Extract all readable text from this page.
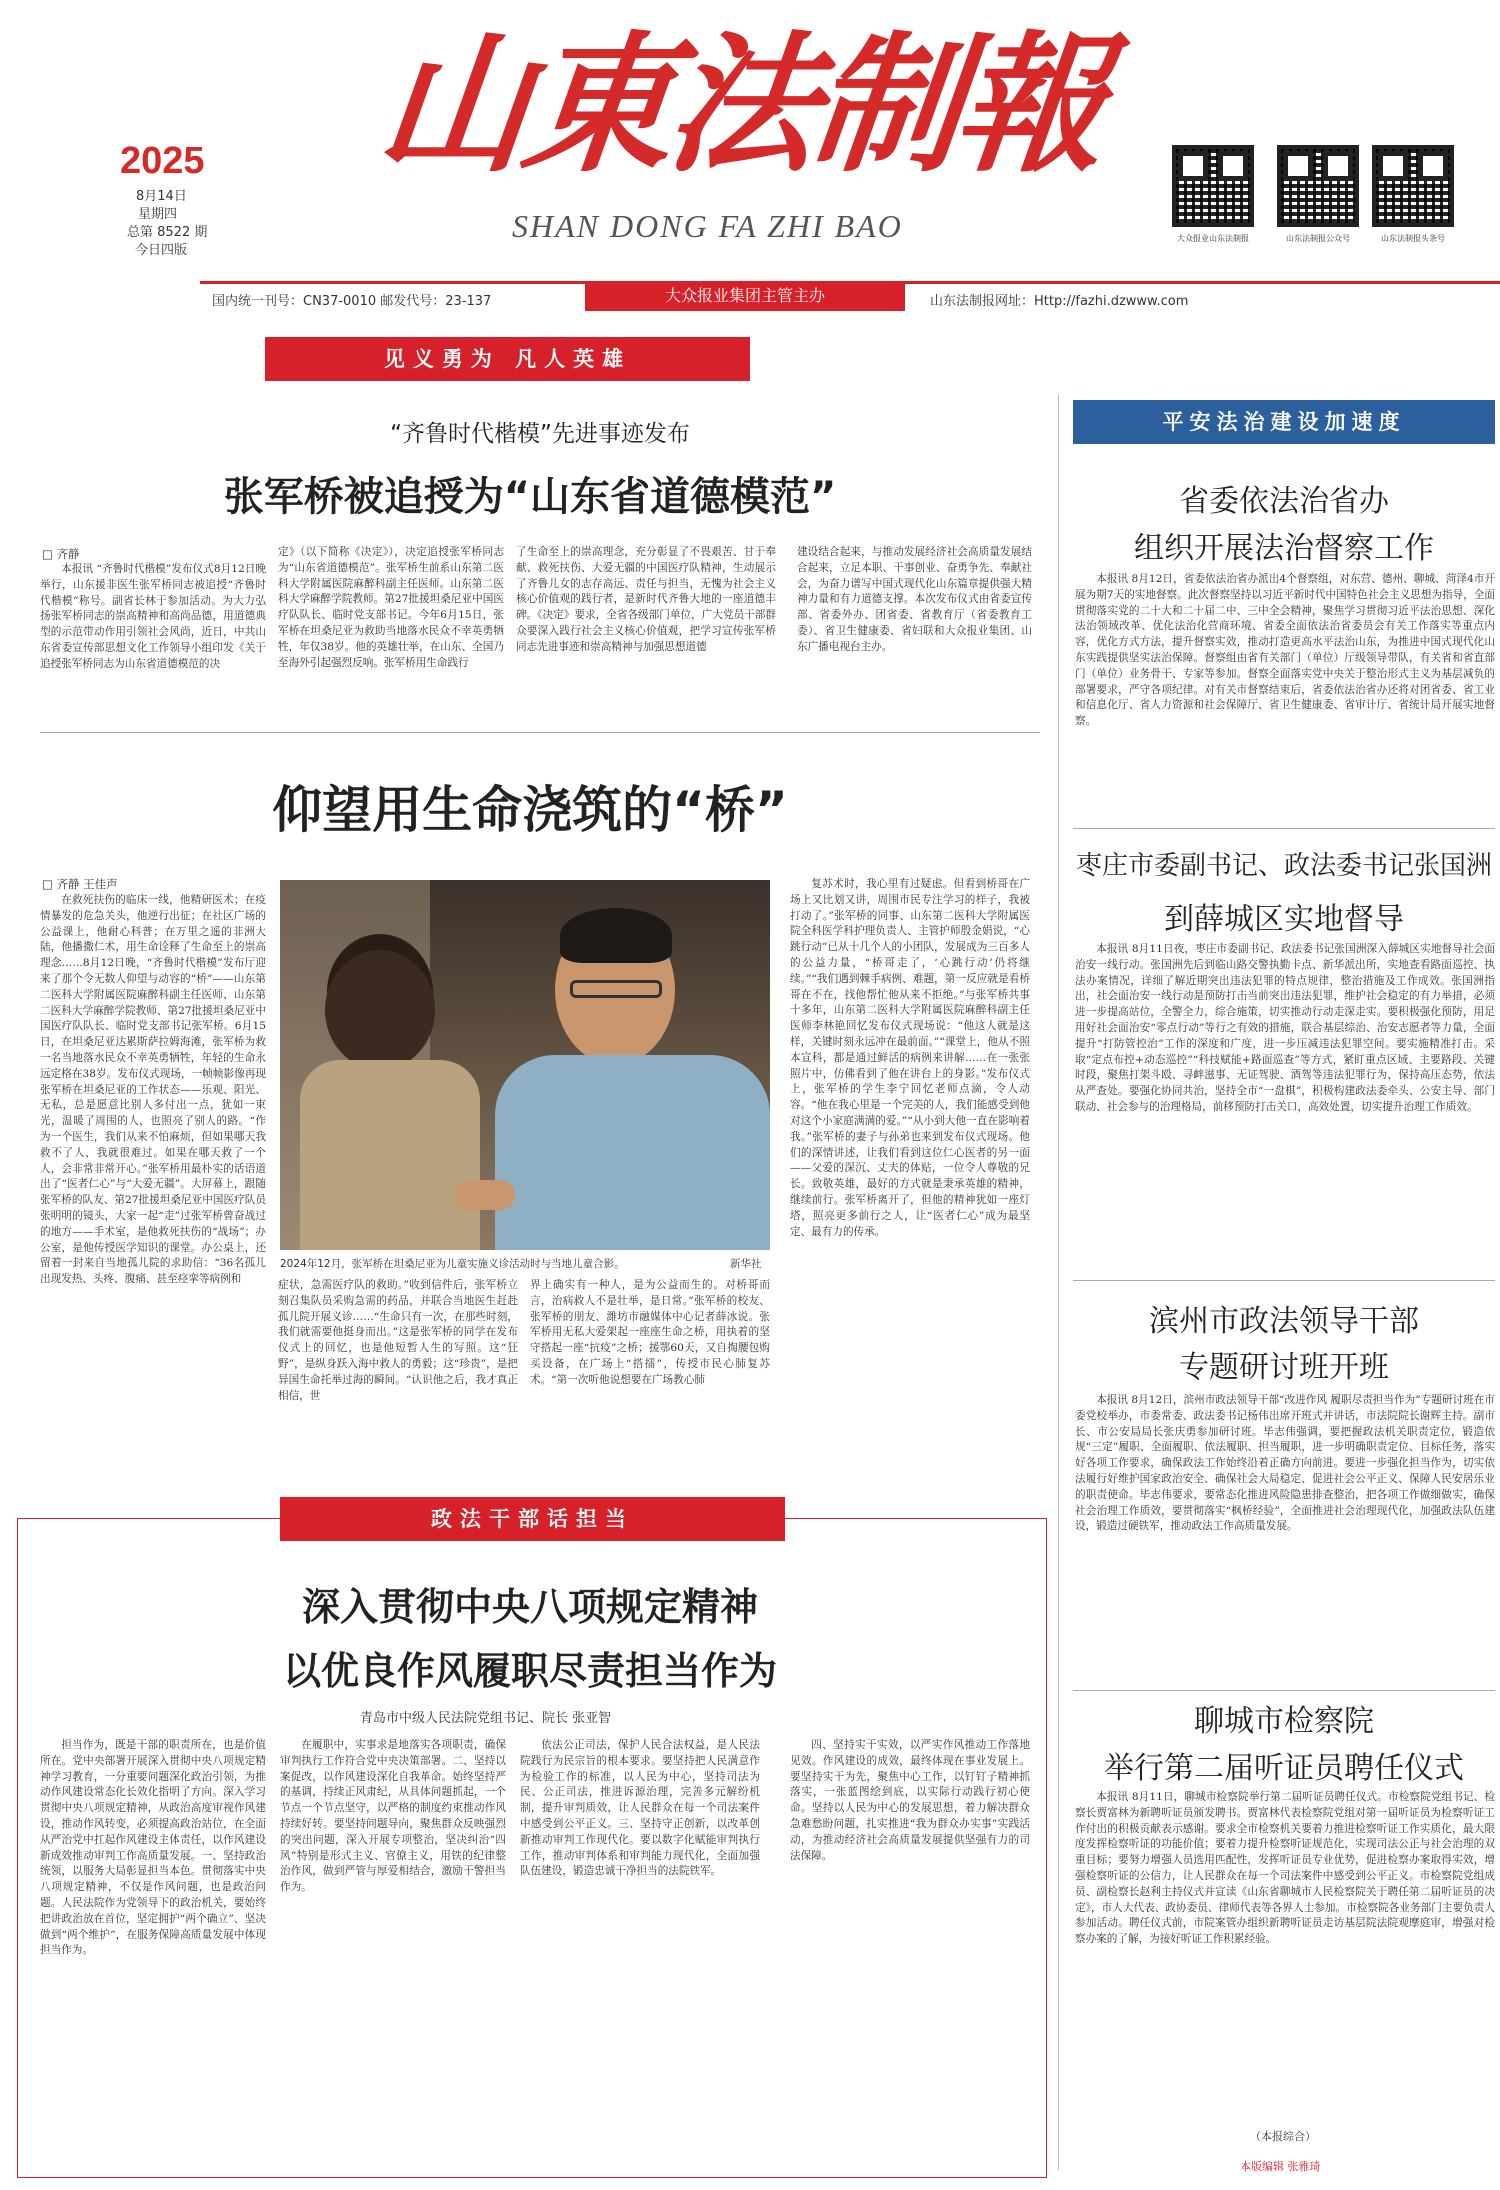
2025
8月14日
星期四
总第 8522 期
今日四版
山東法制報
SHAN DONG FA ZHI BAO	大众报业山东法制报	山东法制报公众号	山东法制报头条号
国内统一刊号：CN37-0010 邮发代号：23-137	大众报业集团主管主办	山东法制报网址：Http://fazhi.dzwww.com
见义勇为 凡人英雄
“齐鲁时代楷模”先进事迹发布
张军桥被追授为“山东省道德模范”
□ 齐静
本报讯 “齐鲁时代楷模”发布仪式8月12日晚举行，山东援非医生张军桥同志被追授“齐鲁时代楷模”称号。副省长林于参加活动。为大力弘扬张军桥同志的崇高精神和高尚品德，用道德典型的示范带动作用引领社会风尚，近日，中共山东省委宣传部思想文化工作领导小组印发《关于追授张军桥同志为山东省道德模范的决
定》（以下简称《决定》），决定追授张军桥同志为“山东省道德模范”。张军桥生前系山东第二医科大学附属医院麻醉科副主任医师。山东第二医科大学麻醉学院教师。第27批援坦桑尼亚中国医疗队队长、临时党支部书记。今年6月15日，张军桥在坦桑尼亚为救助当地落水民众不幸英勇牺牲，年仅38岁。他的英雄壮举，在山东、全国乃至海外引起强烈反响。张军桥用生命践行
了生命至上的崇高理念，充分彰显了不畏艰苦、甘于奉献、救死扶伤、大爱无疆的中国医疗队精神，生动展示了齐鲁儿女的志存高远、责任与担当，无愧为社会主义核心价值观的践行者，是新时代齐鲁大地的一座道德丰碑。《决定》要求，全省各级部门单位，广大党员干部群众要深入践行社会主义核心价值观，把学习宣传张军桥同志先进事迹和崇高精神与加强思想道德
建设结合起来，与推动发展经济社会高质量发展结合起来，立足本职、干事创业、奋勇争先、奉献社会，为奋力谱写中国式现代化山东篇章提供强大精神力量和有力道德支撑。本次发布仪式由省委宣传部、省委外办、团省委、省教育厅（省委教育工委）、省卫生健康委、省妇联和大众报业集团、山东广播电视台主办。
仰望用生命浇筑的“桥”
□ 齐静 王佳声
在救死扶伤的临床一线，他精研医术；在疫情暴发的危急关头，他逆行出征；在社区广场的公益课上，他耐心科普；在万里之遥的非洲大陆，他播撒仁术，用生命诠释了生命至上的崇高理念……8月12日晚，“齐鲁时代楷模”发布厅迎来了那个令无数人仰望与动容的“桥”——山东第二医科大学附属医院麻醉科副主任医师、山东第二医科大学麻醉学院教师、第27批援坦桑尼亚中国医疗队队长、临时党支部书记张军桥。6月15日，在坦桑尼亚达累斯萨拉姆海滩，张军桥为救一名当地落水民众不幸英勇牺牲，年轻的生命永远定格在38岁。发布仪式现场，一帧帧影像再现张军桥在坦桑尼亚的工作状态——乐观、阳光、无私，总是愿意比别人多付出一点，犹如一束光，温暖了周围的人，也照亮了别人的路。“作为一个医生，我们从来不怕麻烦，但如果哪天我救不了人，我就很难过。如果在哪天救了一个人，会非常非常开心。”张军桥用最朴实的话语道出了“医者仁心”与“大爱无疆”。大屏幕上，跟随张军桥的队友、第27批援坦桑尼亚中国医疗队员张明明的镜头，大家一起“走”过张军桥曾奋战过的地方——手术室，是他救死扶伤的“战场”；办公室，是他传授医学知识的课堂。办公桌上，还留着一封来自当地孤儿院的求助信：“36名孤儿出现发热、头疼、腹痛、甚至痉挛等病例和
2024年12月，张军桥在坦桑尼亚为儿童实施义诊活动时与当地儿童合影。	新华社
症状，急需医疗队的救助。”收到信件后，张军桥立刻召集队员采购急需的药品，并联合当地医生赶赴孤儿院开展义诊……“生命只有一次，在那些时刻，我们就需要他挺身而出。”这是张军桥的同学在发布仪式上的回忆，也是他短暂人生的写照。这“狂野”，是纵身跃入海中救人的勇毅；这“珍贵”，是把异国生命托举过海的瞬间。“认识他之后，我才真正相信，世
界上确实有一种人，是为公益而生的。对桥哥而言，治病救人不是壮举，是日常。”张军桥的校友、张军桥的朋友、潍坊市融媒体中心记者薛冰说。张军桥用无私大爱架起一座座生命之桥，用执着的坚守搭起一座“抗疫”之桥；援鄂60天，又自掏腰包购买设备，在广场上“搭擂”，传授市民心肺复苏术。“第一次听他说想要在广场教心肺
复苏术时，我心里有过疑虑。但看到桥哥在广场上又比划又讲，周围市民专注学习的样子，我被打动了。”张军桥的同事、山东第二医科大学附属医院全科医学科护理负责人、主管护师殷金娟说，“心跳行动”已从十几个人的小团队，发展成为三百多人的公益力量，“桥哥走了，‘心跳行动’仍将继续。”“我们遇到棘手病例、难题，第一反应就是看桥哥在不在，找他帮忙他从来不拒绝。”与张军桥共事十多年，山东第二医科大学附属医院麻醉科副主任医师李林艳回忆发布仪式现场说：“他这人就是这样，关键时刻永远冲在最前面。”“课堂上，他从不照本宣科，都是通过鲜活的病例来讲解……在一张张照片中，仿佛看到了他在讲台上的身影。”发布仪式上，张军桥的学生李宁回忆老师点滴，令人动容。“他在我心里是一个完美的人，我们能感受到他对这个小家庭满满的爱。”“从小到大他一直在影响着我。”张军桥的妻子与孙弟也来到发布仪式现场。他们的深情讲述，让我们看到这位仁心医者的另一面——父爱的深沉、丈夫的体贴，一位令人尊敬的兄长。致敬英雄，最好的方式就是秉承英雄的精神，继续前行。张军桥离开了，但他的精神犹如一座灯塔，照亮更多前行之人，让“医者仁心”成为最坚定、最有力的传承。
政法干部话担当
深入贯彻中央八项规定精神
以优良作风履职尽责担当作为
青岛市中级人民法院党组书记、院长 张亚智
担当作为，既是干部的职责所在，也是价值所在。党中央部署开展深入贯彻中央八项规定精神学习教育，一分重要问题深化政治引领，为推动作风建设常态化长效化指明了方向。深入学习贯彻中央八项规定精神，从政治高度审视作风建设，推动作风转变，必须提高政治站位，在全面从严治党中扛起作风建设主体责任，以作风建设新成效推动审判工作高质量发展。一、坚持政治统领，以服务大局彰显担当本色。贯彻落实中央八项规定精神，不仅是作风问题，也是政治问题。人民法院作为党领导下的政治机关，要始终把讲政治放在首位，坚定拥护“两个确立”、坚决做到“两个维护”，在服务保障高质量发展中体现担当作为。
在履职中，实事求是地落实各项职责，确保审判执行工作符合党中央决策部署。二、坚持以案促改，以作风建设深化自我革命。始终坚持严的基调，持续正风肃纪，从具体问题抓起，一个节点一个节点坚守，以严格的制度约束推动作风持续好转。要坚持问题导向，聚焦群众反映强烈的突出问题，深入开展专项整治，坚决纠治“四风”特别是形式主义、官僚主义，用铁的纪律整治作风，做到严管与厚爱相结合，激励干警担当作为。
依法公正司法，保护人民合法权益，是人民法院践行为民宗旨的根本要求。要坚持把人民满意作为检验工作的标准，以人民为中心，坚持司法为民、公正司法，推进诉源治理，完善多元解纷机制，提升审判质效，让人民群众在每一个司法案件中感受到公平正义。三、坚持守正创新，以改革创新推动审判工作现代化。要以数字化赋能审判执行工作，推动审判体系和审判能力现代化，全面加强队伍建设，锻造忠诚干净担当的法院铁军。
四、坚持实干实效，以严实作风推动工作落地见效。作风建设的成效，最终体现在事业发展上。要坚持实干为先，聚焦中心工作，以钉钉子精神抓落实，一张蓝图绘到底，以实际行动践行初心使命。坚持以人民为中心的发展思想，着力解决群众急难愁盼问题，扎实推进“我为群众办实事”实践活动，为推动经济社会高质量发展提供坚强有力的司法保障。
平安法治建设加速度
省委依法治省办
组织开展法治督察工作
本报讯 8月12日，省委依法治省办派出4个督察组，对东营、德州、聊城、菏泽4市开展为期7天的实地督察。此次督察坚持以习近平新时代中国特色社会主义思想为指导，全面贯彻落实党的二十大和二十届二中、三中全会精神，聚焦学习贯彻习近平法治思想、深化法治领域改革、优化法治化营商环境、省委全面依法治省委员会有关工作落实等重点内容，优化方式方法，提升督察实效，推动打造更高水平法治山东，为推进中国式现代化山东实践提供坚实法治保障。督察组由省有关部门（单位）厅级领导带队，有关省和省直部门（单位）业务骨干、专家等参加。督察全面落实党中央关于整治形式主义为基层减负的部署要求，严守各项纪律。对有关市督察结束后，省委依法治省办还将对团省委、省工业和信息化厅、省人力资源和社会保障厅、省卫生健康委、省审计厅、省统计局开展实地督察。
枣庄市委副书记、政法委书记张国洲
到薛城区实地督导
本报讯 8月11日夜，枣庄市委副书记、政法委书记张国洲深入薛城区实地督导社会面治安一线行动。张国洲先后到临山路交警执勤卡点、新华派出所，实地查看路面巡控、执法办案情况，详细了解近期突出违法犯罪的特点规律，整治措施及工作成效。张国洲指出，社会面治安一线行动是预防打击当前突出违法犯罪，维护社会稳定的有力举措，必须进一步提高站位，全警全力，综合施策，切实推动行动走深走实。要积极强化预防，用足用好社会面治安“零点行动”等行之有效的措施，联合基层综治、治安志愿者等力量，全面提升“打防管控治”工作的深度和广度，进一步压减违法犯罪空间。要实施精准打击。采取“定点布控+动态巡控”“科技赋能+路面巡查”等方式，紧盯重点区域、主要路段、关键时段，聚焦打架斗殴、寻衅滋事、无证驾驶、酒驾等违法犯罪行为，保持高压态势，依法从严查处。要强化协同共治，坚持全市“一盘棋”，积极构建政法委牵头、公安主导、部门联动、社会参与的治理格局，前移预防打击关口，高效处置，切实提升治理工作质效。
滨州市政法领导干部
专题研讨班开班
本报讯 8月12日，滨州市政法领导干部“改进作风 履职尽责担当作为”专题研讨班在市委党校举办，市委常委、政法委书记杨伟出席开班式并讲话，市法院院长谢辉主持。副市长、市公安局局长张庆勇参加研讨班。毕志伟强调，要把握政法机关职责定位，锻造依规“三定”履职、全面履职、依法履职、担当履职，进一步明确职责定位、目标任务，落实好各项工作要求，确保政法工作始终沿着正确方向前进。要进一步强化担当作为，切实依法履行好维护国家政治安全、确保社会大局稳定、促进社会公平正义、保障人民安居乐业的职责使命。毕志伟要求，要常态化推进风险隐患排查整治，把各项工作做细做实，确保社会治理工作质效，要贯彻落实“枫桥经验”，全面推进社会治理现代化，加强政法队伍建设，锻造过硬铁军，推动政法工作高质量发展。
聊城市检察院
举行第二届听证员聘任仪式
本报讯 8月11日，聊城市检察院举行第二届听证员聘任仪式。市检察院党组书记、检察长贾富林为新聘听证员颁发聘书。贾富林代表检察院党组对第一届听证员为检察听证工作付出的积极贡献表示感谢。要求全市检察机关要着力推进检察听证工作实质化，最大限度发挥检察听证的功能价值；要着力提升检察听证规范化，实现司法公正与社会治理的双重目标；要努力增强人员选用匹配性，发挥听证员专业优势，促进检察办案取得实效，增强检察听证的公信力，让人民群众在每一个司法案件中感受到公平正义。市检察院党组成员、副检察长赵利主持仪式并宣读《山东省聊城市人民检察院关于聘任第二届听证员的决定》，市人大代表、政协委员、律师代表等各界人士参加。市检察院各业务部门主要负责人参加活动。聘任仪式前，市院案管办组织新聘听证员走访基层院法院观摩庭审，增强对检察办案的了解，为接好听证工作积累经验。
（本报综合）
本版编辑 张雅琦
